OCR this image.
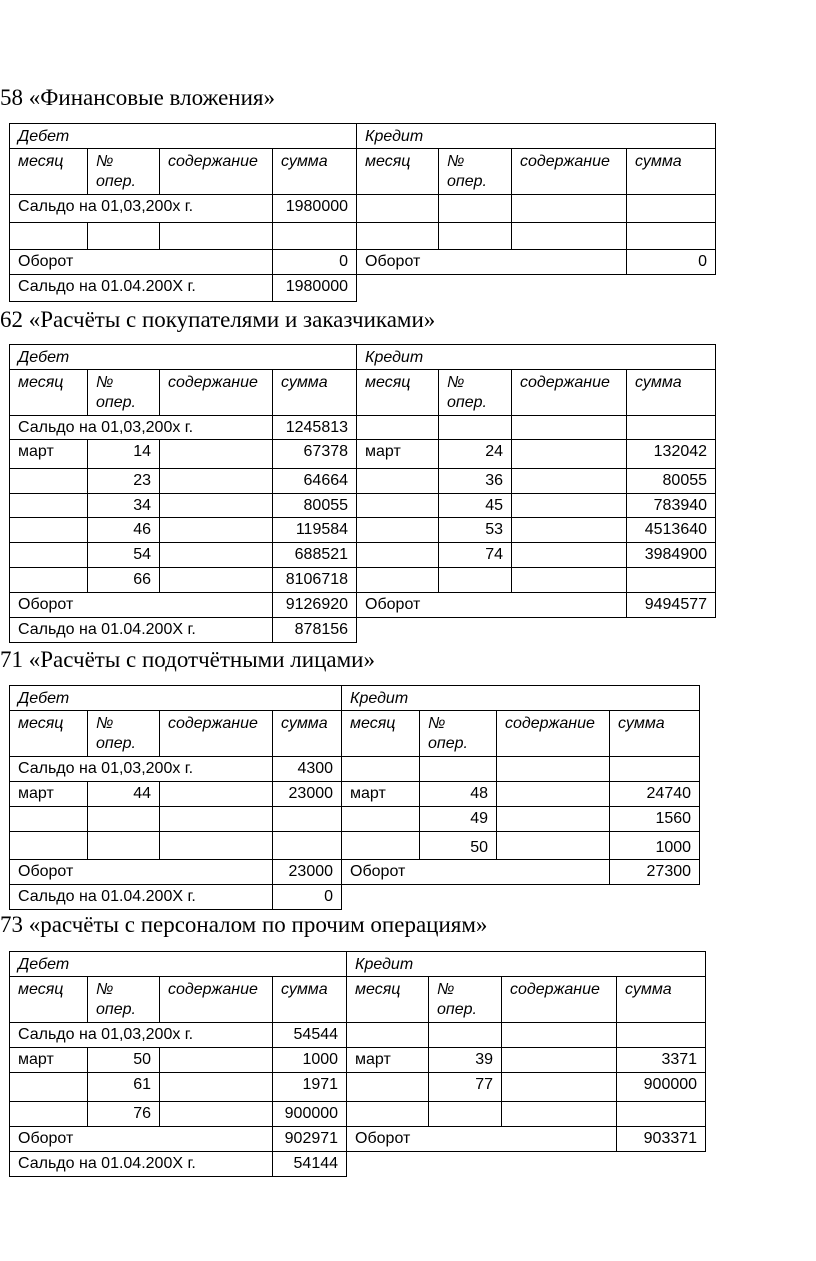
58 «Финансовые вложения»
Дебет				Кредит			
месяц	№ опер.	содержание	сумма	месяц	№ опер.	содержание	сумма
Сальдо на 01,03,200х г.			1980000				

Оборот			0	Оборот			0
Сальдо на 01.04.200Х г.			1980000				
62 «Расчёты с покупателями и заказчиками»
Дебет				Кредит			
месяц	№ опер.	содержание	сумма	месяц	№ опер.	содержание	сумма
Сальдо на 01,03,200х г.			1245813				
март	14		67378	март	24		132042
	23		64664		36		80055
	34		80055		45		783940
	46		119584		53		4513640
	54		688521		74		3984900
	66		8106718				
Оборот			9126920	Оборот			9494577
Сальдо на 01.04.200Х г.			878156				
71 «Расчёты с подотчётными лицами»
Дебет				Кредит			
месяц	№ опер.	содержание	сумма	месяц	№ опер.	содержание	сумма
Сальдо на 01,03,200х г.			4300				
март	44		23000	март	48		24740
					49		1560
					50		1000
Оборот			23000	Оборот			27300
Сальдо на 01.04.200Х г.			0				
73 «расчёты с персоналом по прочим операциям»
Дебет				Кредит			
месяц	№ опер.	содержание	сумма	месяц	№ опер.	содержание	сумма
Сальдо на 01,03,200х г.			54544				
март	50		1000	март	39		3371
	61		1971		77		900000
	76		900000				
Оборот			902971	Оборот			903371
Сальдо на 01.04.200Х г.			54144				
